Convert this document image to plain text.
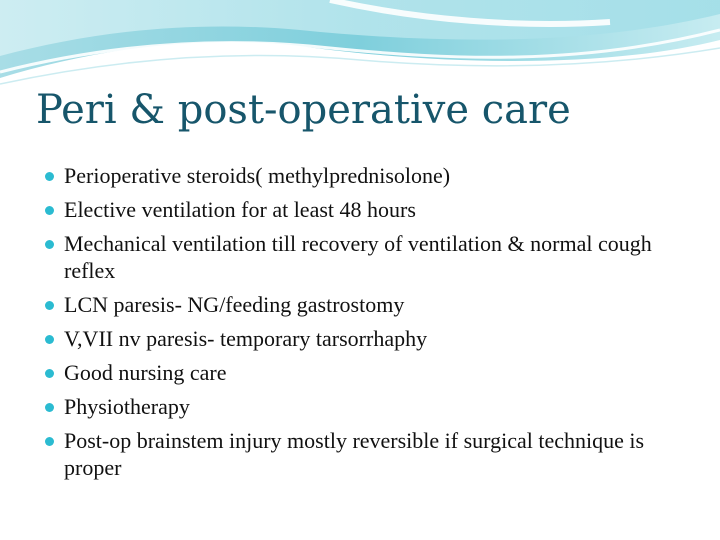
Peri & post-operative care
Perioperative steroids( methylprednisolone)
Elective ventilation for at least 48 hours
Mechanical ventilation till recovery of ventilation & normal cough reflex
LCN paresis- NG/feeding gastrostomy
V,VII nv paresis- temporary tarsorrhaphy
Good nursing care
Physiotherapy
Post-op brainstem injury mostly reversible if surgical technique is proper
